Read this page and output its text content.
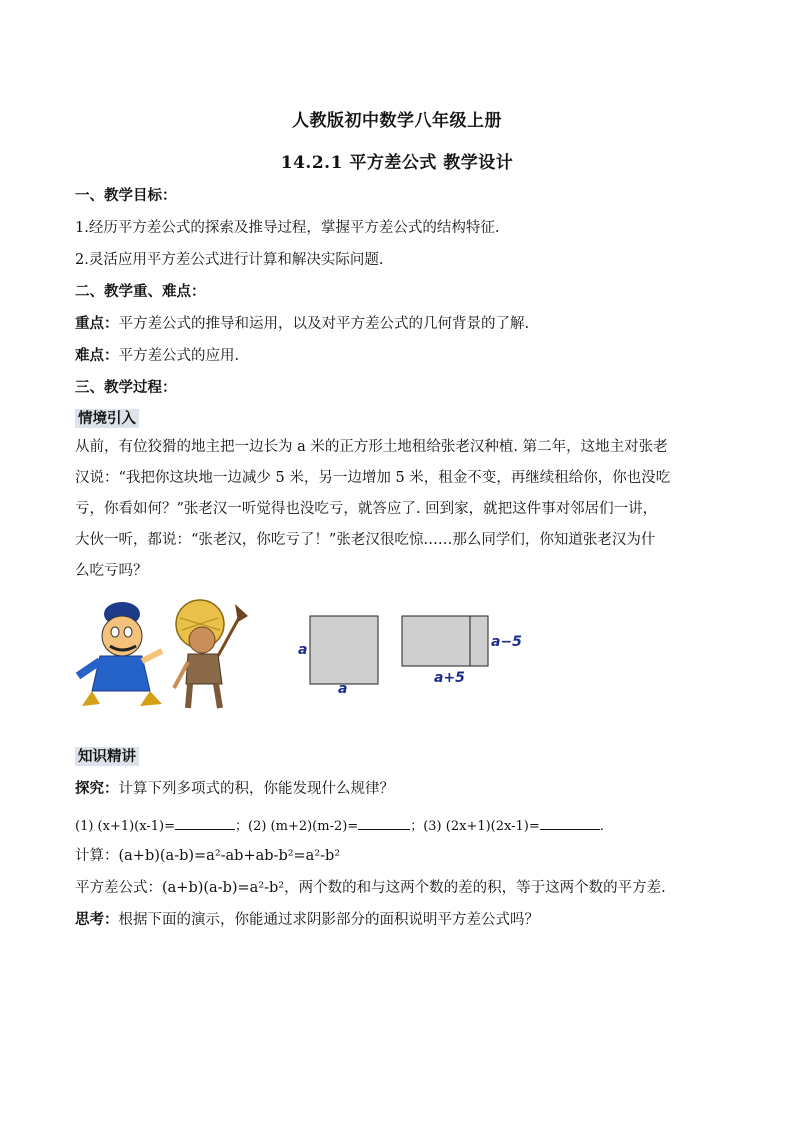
人教版初中数学八年级上册
14.2.1 平方差公式 教学设计
一、教学目标：
1.经历平方差公式的探索及推导过程，掌握平方差公式的结构特征.
2.灵活应用平方差公式进行计算和解决实际问题.
二、教学重、难点：
重点：平方差公式的推导和运用，以及对平方差公式的几何背景的了解.
难点：平方差公式的应用.
三、教学过程：
情境引入
从前，有位狡猾的地主把一边长为 a 米的正方形土地租给张老汉种植. 第二年，这地主对张老
汉说：“我把你这块地一边减少 5 米，另一边增加 5 米，租金不变，再继续租给你，你也没吃
亏，你看如何？”张老汉一听觉得也没吃亏，就答应了. 回到家，就把这件事对邻居们一讲，
大伙一听，都说：“张老汉，你吃亏了！”张老汉很吃惊……那么同学们，你知道张老汉为什
么吃亏吗？
a
a
a−5
a+5
知识精讲
探究：计算下列多项式的积，你能发现什么规律？
(1) (x+1)(x-1)=	；(2) (m+2)(m-2)=	；(3) (2x+1)(2x-1)=	.
计算：(a+b)(a-b)=a²-ab+ab-b²=a²-b²
平方差公式：(a+b)(a-b)=a²-b²，两个数的和与这两个数的差的积，等于这两个数的平方差.
思考：根据下面的演示，你能通过求阴影部分的面积说明平方差公式吗？
